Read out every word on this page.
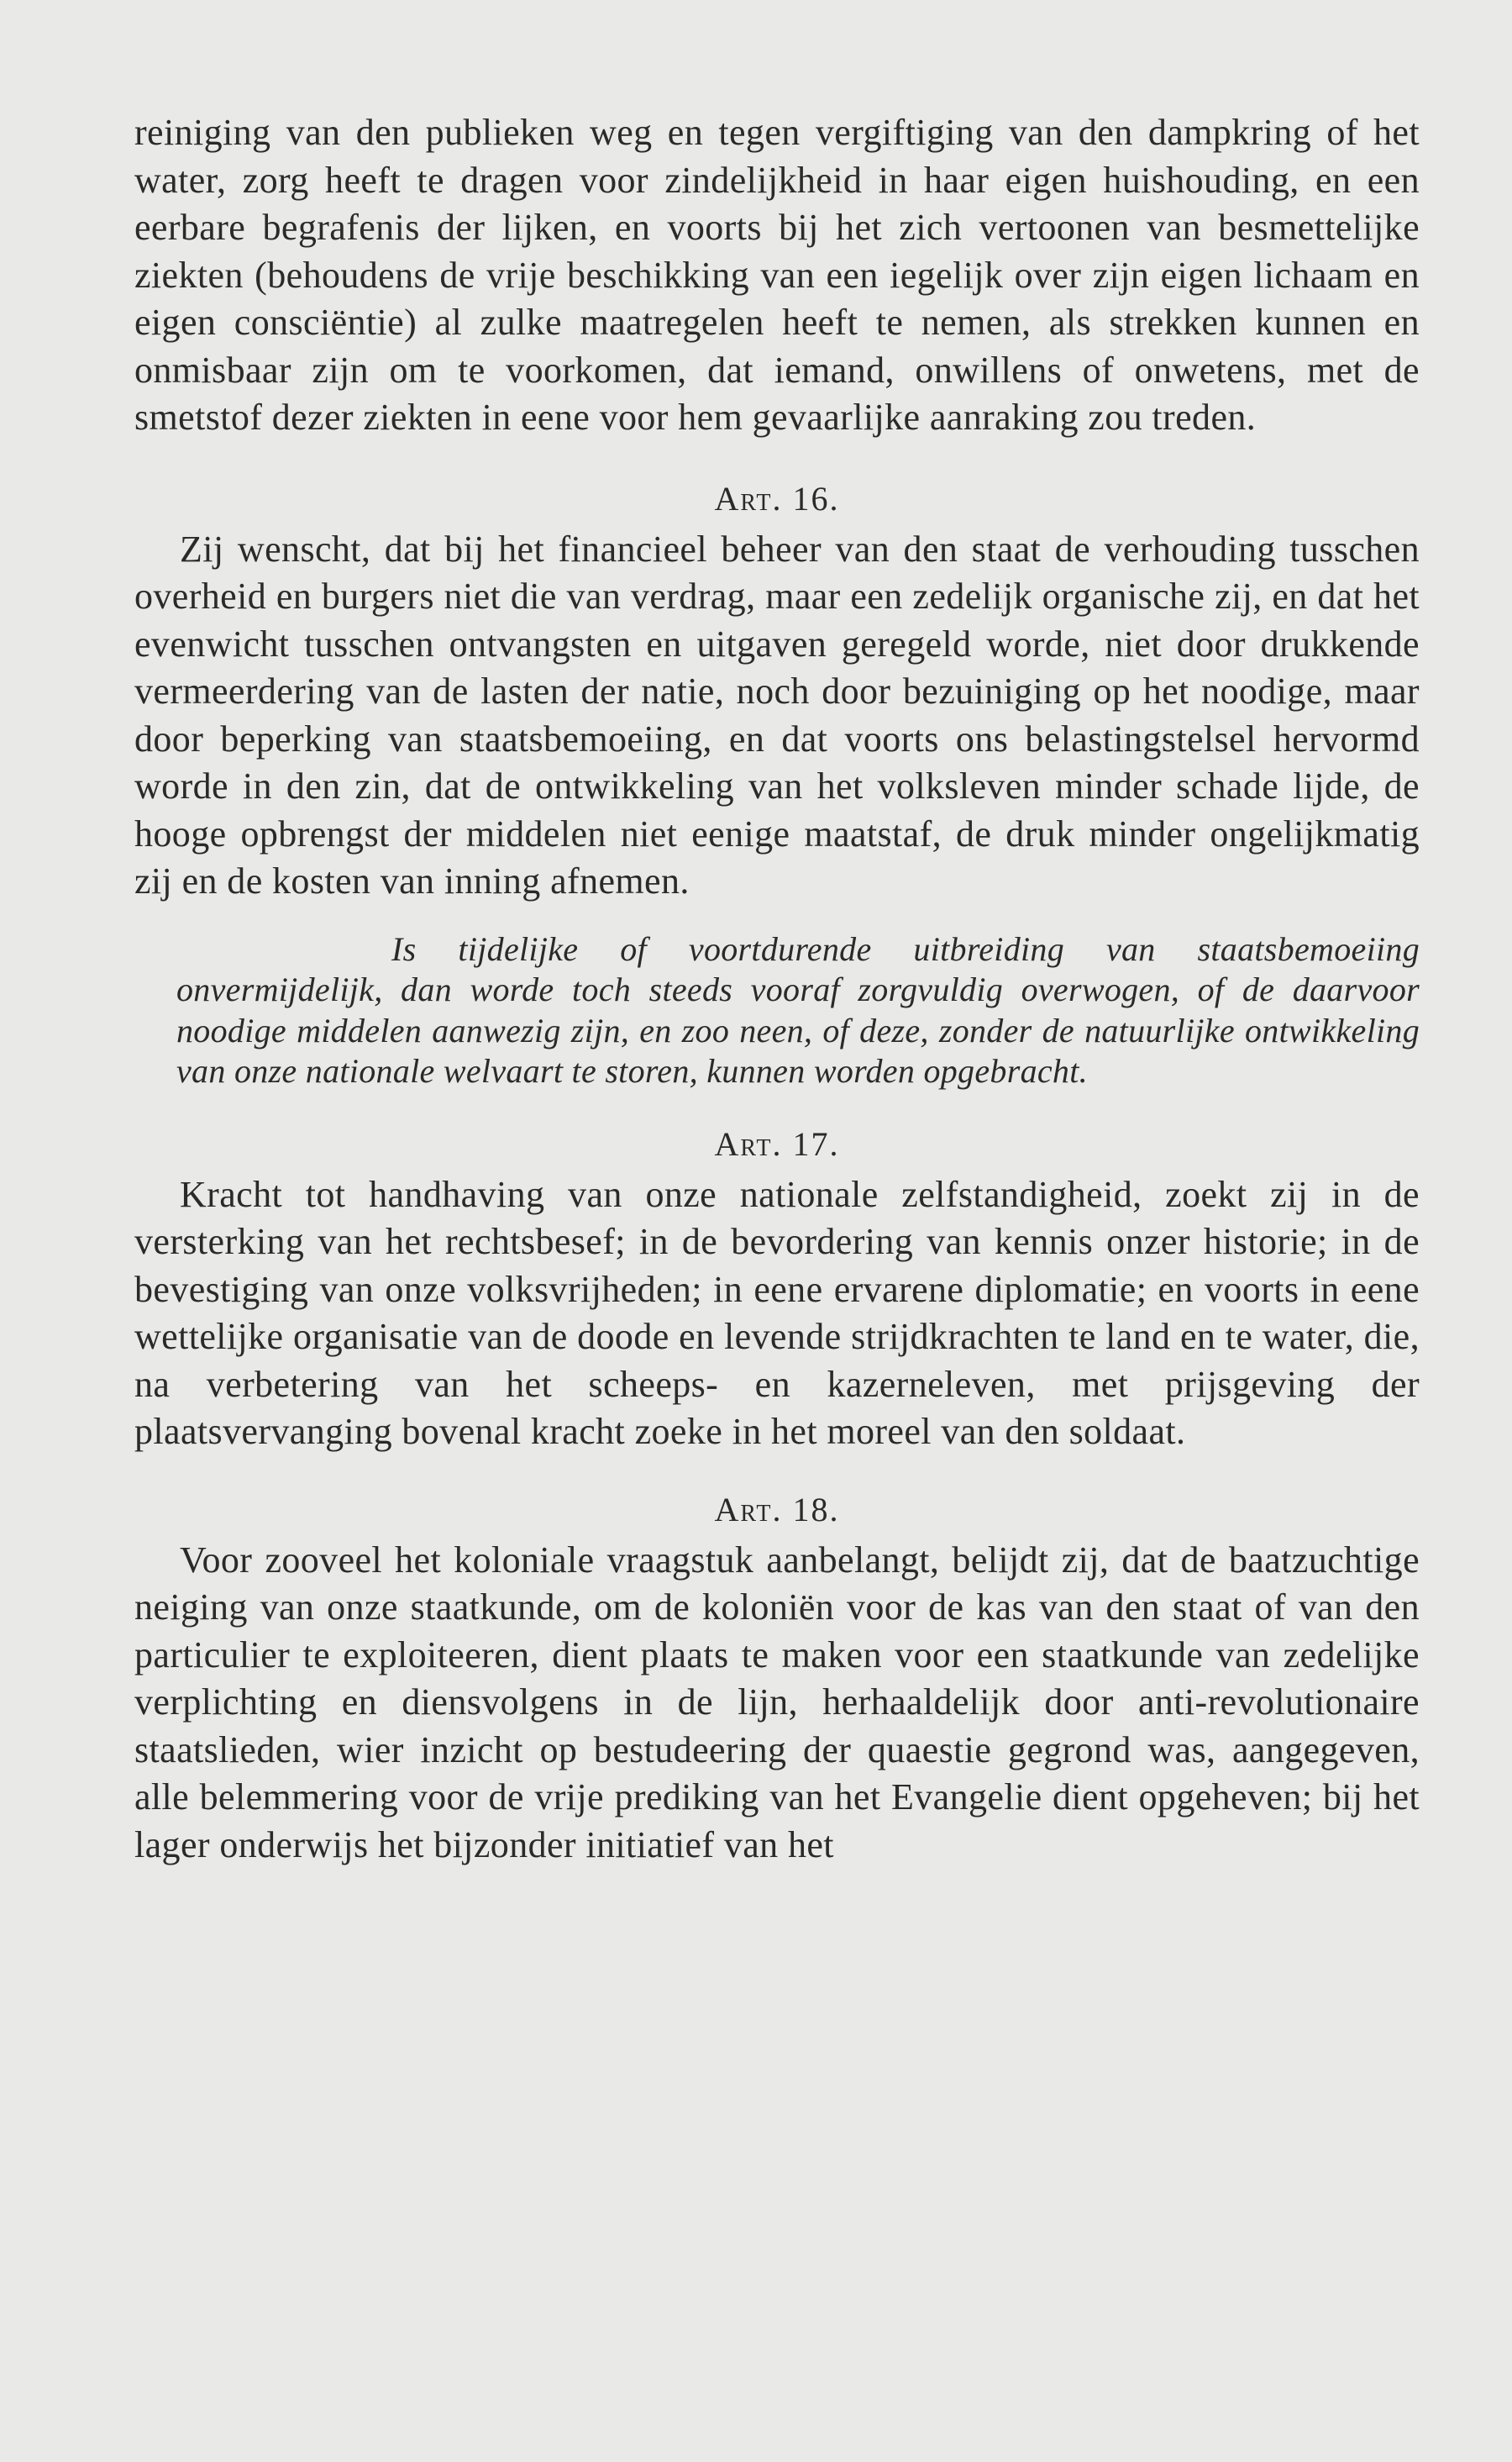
reiniging van den publieken weg en tegen vergiftiging van den dampkring of het water, zorg heeft te dragen voor zindelijkheid in haar eigen huishouding, en een eerbare begrafenis der lijken, en voorts bij het zich vertoonen van besmettelijke ziekten (behoudens de vrije beschikking van een iegelijk over zijn eigen lichaam en eigen consciëntie) al zulke maatregelen heeft te nemen, als strekken kunnen en onmisbaar zijn om te voorkomen, dat iemand, onwillens of onwetens, met de smetstof dezer ziekten in eene voor hem gevaarlijke aanraking zou treden.

Art. 16.

Zij wenscht, dat bij het financieel beheer van den staat de verhouding tusschen overheid en burgers niet die van verdrag, maar een zedelijk organische zij, en dat het evenwicht tusschen ontvangsten en uitgaven geregeld worde, niet door drukkende vermeerdering van de lasten der natie, noch door bezuiniging op het noodige, maar door beperking van staatsbemoeiing, en dat voorts ons belastingstelsel hervormd worde in den zin, dat de ontwikkeling van het volksleven minder schade lijde, de hooge opbrengst der middelen niet eenige maatstaf, de druk minder ongelijkmatig zij en de kosten van inning afnemen.

Is tijdelijke of voortdurende uitbreiding van staatsbemoeiing onvermijdelijk, dan worde toch steeds vooraf zorgvuldig overwogen, of de daarvoor noodige middelen aanwezig zijn, en zoo neen, of deze, zonder de natuurlijke ontwikkeling van onze nationale welvaart te storen, kunnen worden opgebracht.

Art. 17.

Kracht tot handhaving van onze nationale zelfstandigheid, zoekt zij in de versterking van het rechtsbesef; in de bevordering van kennis onzer historie; in de bevestiging van onze volksvrijheden; in eene ervarene diplomatie; en voorts in eene wettelijke organisatie van de doode en levende strijdkrachten te land en te water, die, na verbetering van het scheeps- en kazerneleven, met prijsgeving der plaatsvervanging bovenal kracht zoeke in het moreel van den soldaat.

Art. 18.

Voor zooveel het koloniale vraagstuk aanbelangt, belijdt zij, dat de baatzuchtige neiging van onze staatkunde, om de koloniën voor de kas van den staat of van den particulier te exploiteeren, dient plaats te maken voor een staatkunde van zedelijke verplichting en diensvolgens in de lijn, herhaaldelijk door anti-revolutionaire staatslieden, wier inzicht op bestudeering der quaestie gegrond was, aangegeven, alle belemmering voor de vrije prediking van het Evangelie dient opgeheven; bij het lager onderwijs het bijzonder initiatief van het
